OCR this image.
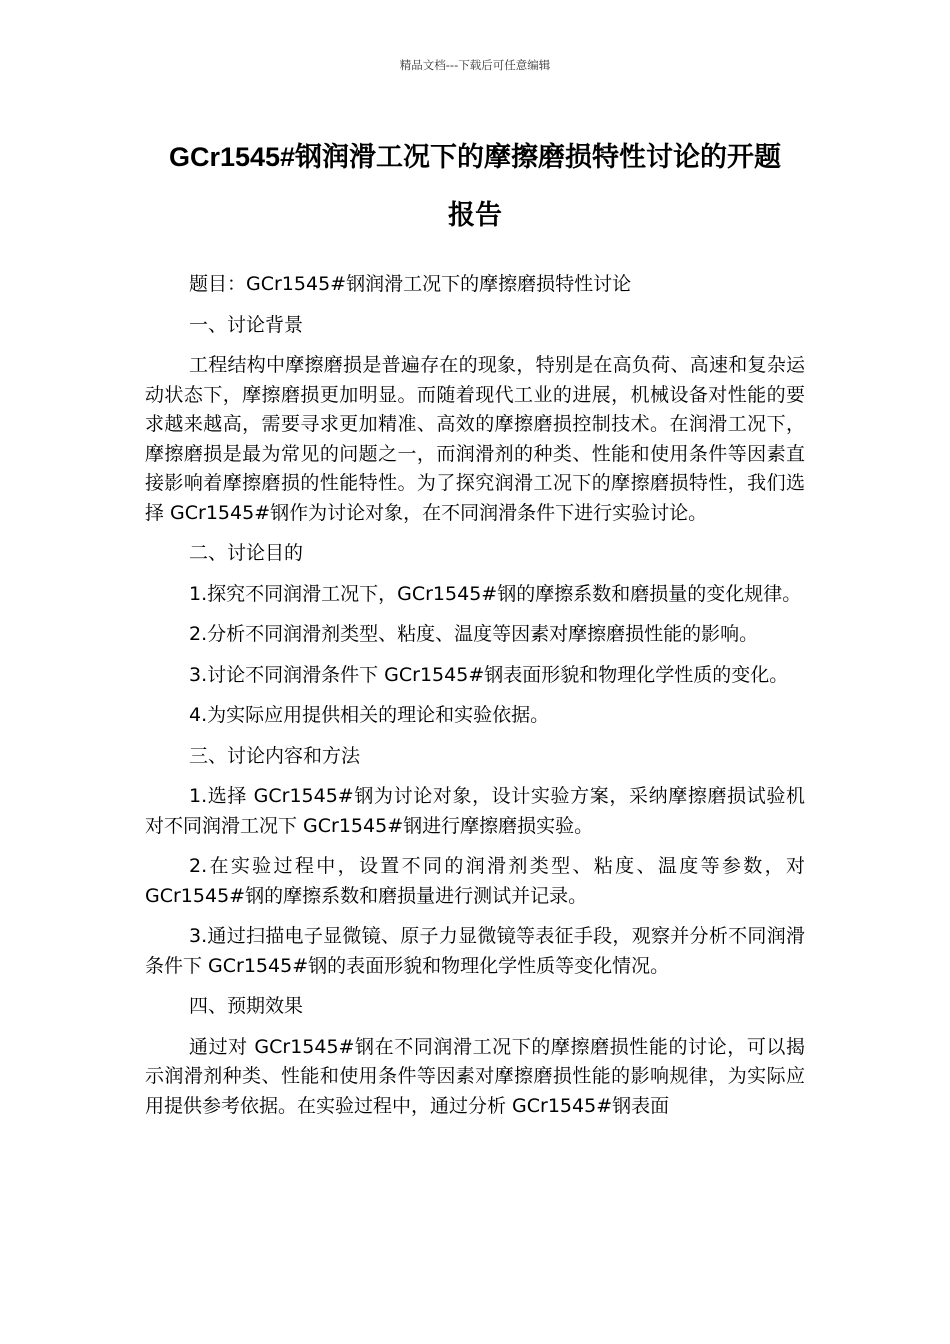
精品文档---下载后可任意编辑
GCr1545#钢润滑工况下的摩擦磨损特性讨论的开题
报告

题目：GCr1545#钢润滑工况下的摩擦磨损特性讨论

一、讨论背景

工程结构中摩擦磨损是普遍存在的现象，特别是在高负荷、高速和复杂运动状态下，摩擦磨损更加明显。而随着现代工业的进展，机械设备对性能的要求越来越高，需要寻求更加精准、高效的摩擦磨损控制技术。在润滑工况下，摩擦磨损是最为常见的问题之一，而润滑剂的种类、性能和使用条件等因素直接影响着摩擦磨损的性能特性。为了探究润滑工况下的摩擦磨损特性，我们选择 GCr1545#钢作为讨论对象，在不同润滑条件下进行实验讨论。

二、讨论目的

1.探究不同润滑工况下，GCr1545#钢的摩擦系数和磨损量的变化规律。

2.分析不同润滑剂类型、粘度、温度等因素对摩擦磨损性能的影响。

3.讨论不同润滑条件下 GCr1545#钢表面形貌和物理化学性质的变化。

4.为实际应用提供相关的理论和实验依据。

三、讨论内容和方法

1.选择 GCr1545#钢为讨论对象，设计实验方案，采纳摩擦磨损试验机对不同润滑工况下 GCr1545#钢进行摩擦磨损实验。

2.在实验过程中，设置不同的润滑剂类型、粘度、温度等参数，对GCr1545#钢的摩擦系数和磨损量进行测试并记录。

3.通过扫描电子显微镜、原子力显微镜等表征手段，观察并分析不同润滑条件下 GCr1545#钢的表面形貌和物理化学性质等变化情况。

四、预期效果

通过对 GCr1545#钢在不同润滑工况下的摩擦磨损性能的讨论，可以揭示润滑剂种类、性能和使用条件等因素对摩擦磨损性能的影响规律，为实际应用提供参考依据。在实验过程中，通过分析 GCr1545#钢表面
